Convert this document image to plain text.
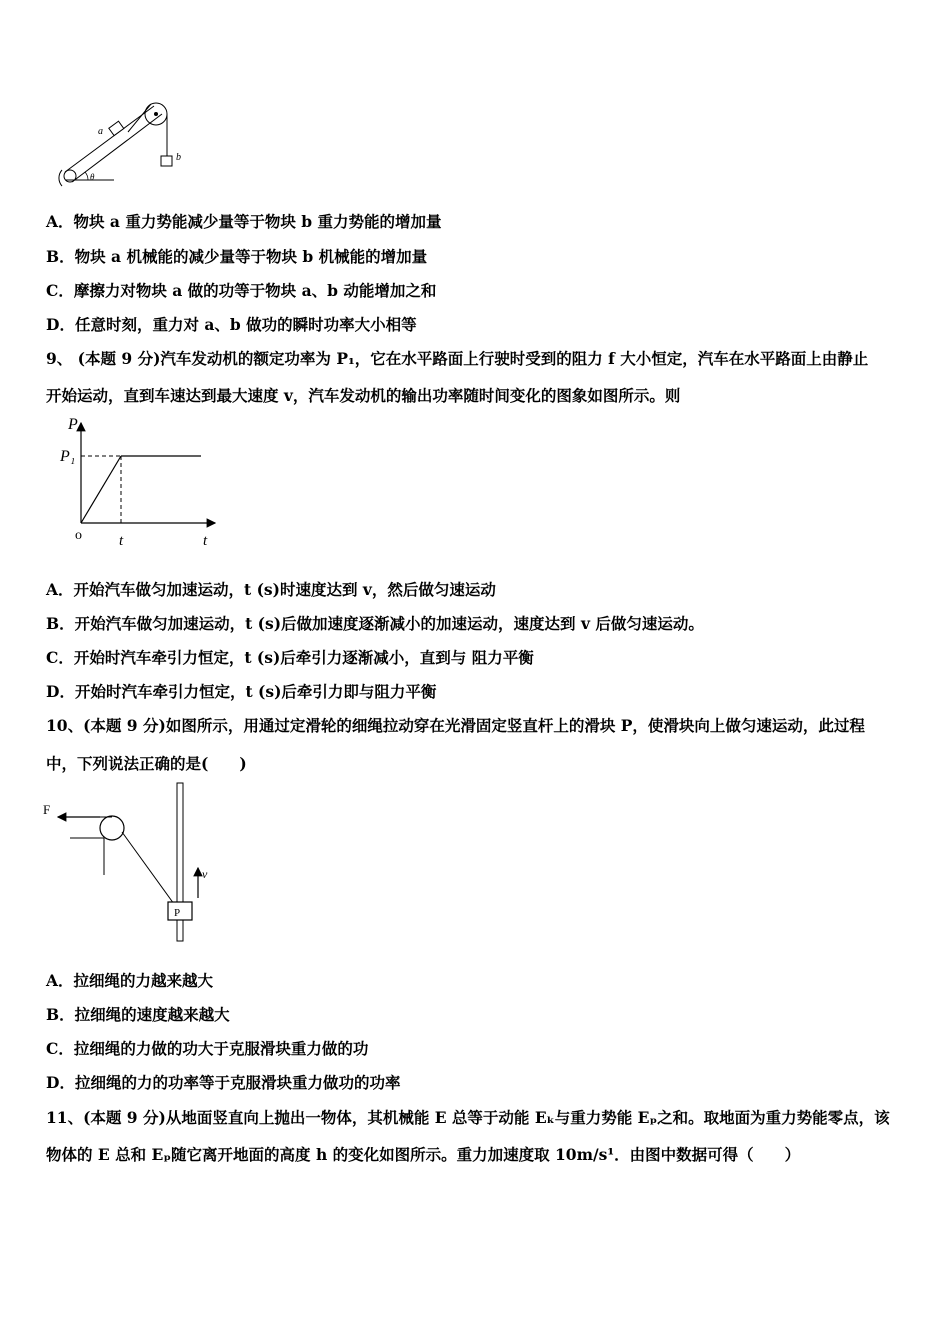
θ
a
b
A．物块 a 重力势能减少量等于物块 b 重力势能的增加量
B．物块 a 机械能的减少量等于物块 b 机械能的增加量
C．摩擦力对物块 a 做的功等于物块 a、b 动能增加之和
D．任意时刻，重力对 a、b 做功的瞬时功率大小相等
9、 (本题 9 分)汽车发动机的额定功率为 P₁，它在水平路面上行驶时受到的阻力 f 大小恒定，汽车在水平路面上由静止
开始运动，直到车速达到最大速度 v，汽车发动机的输出功率随时间变化的图象如图所示。则
P
P₁
o t	t
A．开始汽车做匀加速运动，t (s)时速度达到 v，然后做匀速运动
B．开始汽车做匀加速运动，t (s)后做加速度逐渐减小的加速运动，速度达到 v 后做匀速运动。
C．开始时汽车牵引力恒定，t (s)后牵引力逐渐减小，直到与 阻力平衡
D．开始时汽车牵引力恒定，t (s)后牵引力即与阻力平衡
10、(本题 9 分)如图所示，用通过定滑轮的细绳拉动穿在光滑固定竖直杆上的滑块 P，使滑块向上做匀速运动，此过程
中，下列说法正确的是(　　)
F
P
v
A．拉细绳的力越来越大
B．拉细绳的速度越来越大
C．拉细绳的力做的功大于克服滑块重力做的功
D．拉细绳的力的功率等于克服滑块重力做功的功率
11、(本题 9 分)从地面竖直向上抛出一物体，其机械能 E 总等于动能 Eₖ与重力势能 Eₚ之和。取地面为重力势能零点，该
物体的 E 总和 Eₚ随它离开地面的高度 h 的变化如图所示。重力加速度取 10m/s¹．由图中数据可得（　　）
